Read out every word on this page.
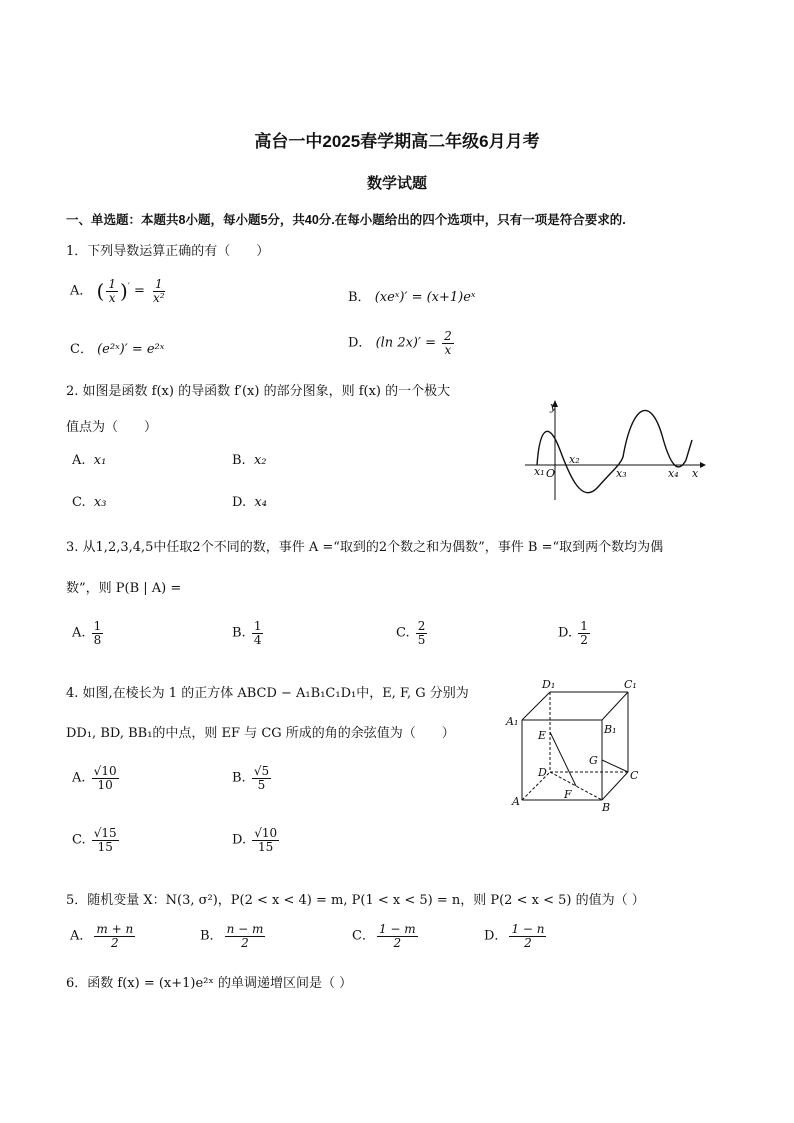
高台一中2025春学期高二年级6月月考
数学试题
一、单选题：本题共8小题，每小题5分，共40分.在每小题给出的四个选项中，只有一项是符合要求的.
1．下列导数运算正确的有（　　）
A． ( $\frac{1}{x} )' = \frac{1}{\text{x²}}$	B． (xeˣ)′ = (x+1)eˣ
C． (e²ˣ)′ = e²ˣ	D． (ln $2x)' = \frac{2}{x}$
2. 如图是函数 f(x) 的导函数 f′(x) 的部分图象，则 f(x) 的一个极大
值点为（　　）
A. x₁	B. x₂
C. x₃	D. x₄
y
x
O
x₁
x₂
x₃	x₄
3. 从1,2,3,4,5中任取2个不同的数，事件 A =“取到的2个数之和为偶数”，事件 B =“取到两个数均为偶
数”，则 P(B | A) =
A. $\frac{1}{8}$	B. $\frac{1}{4}$	C. $\frac{2}{5}$	D. $\frac{1}{2}$
4. 如图,在棱长为 1 的正方体 ABCD − A₁B₁C₁D₁中，E, F, G 分别为
DD₁, BD, BB₁的中点，则 EF 与 CG 所成的角的余弦值为（　　）
A. $\frac{√10}{10}$	B. $\frac{√5}{5}$
C. $\frac{√15}{15}$	D. $\frac{√10}{15}$
D₁	C₁
A₁
B₁
E
G
D	C
F
A	B
5．随机变量 X：N(3, σ²)，P(2 < x < 4) = m, P(1 < x < 5) = n，则 P(2 < x < 5) 的值为（ ）
A． $\frac{m + n}{2}$	B． $\frac{n - m}{2}$	C． $\frac{1 - m}{2}$	D． $\frac{1 - n}{2}$
6．函数 f(x) = (x+1)e²ˣ 的单调递增区间是（ ）
